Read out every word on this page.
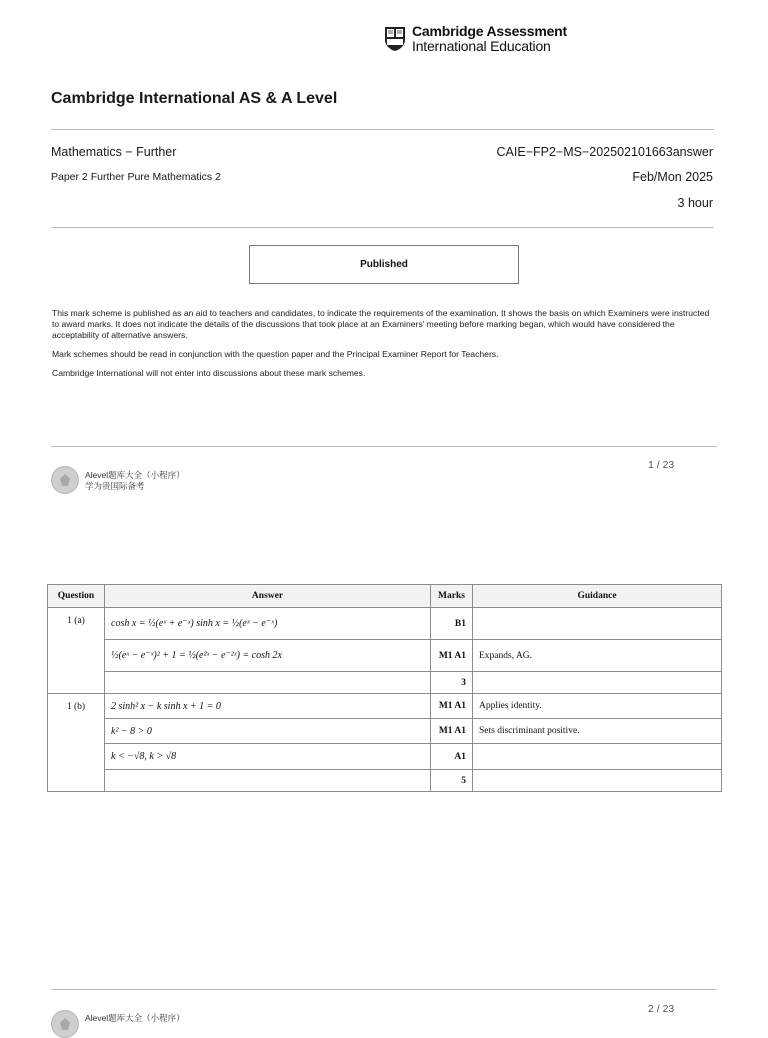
Cambridge Assessment
International Education
Cambridge International AS & A Level
Mathematics − Further	CAIE−FP2−MS−202502101663answer
Paper 2 Further Pure Mathematics 2	Feb/Mon 2025
3 hour
Published
This mark scheme is published as an aid to teachers and candidates, to indicate the requirements of the examination. It shows the basis on which Examiners were instructed to award marks. It does not indicate the details of the discussions that took place at an Examiners’ meeting before marking began, which would have considered the acceptability of alternative answers.
Mark schemes should be read in conjunction with the question paper and the Principal Examiner Report for Teachers.
Cambridge International will not enter into discussions about these mark schemes.
Alevel题库大全（小程序）
学为贵国际备考
1 / 23
Question	Answer	Marks	Guidance
1 (a)	cosh x = ½(eˣ + e⁻ˣ) sinh x = ½(eˣ − e⁻ˣ)	B1	
	½(eˣ − e⁻ˣ)² + 1 = ½(e²ˣ − e⁻²ˣ) = cosh 2x	M1 A1	Expands, AG.
		3	
1 (b)	2 sinh² x − k sinh x + 1 = 0	M1 A1	Applies identity.
	k² − 8 > 0	M1 A1	Sets discriminant positive.
	k < −√8, k > √8	A1	
		5	
2 / 23
Alevel题库大全（小程序）
